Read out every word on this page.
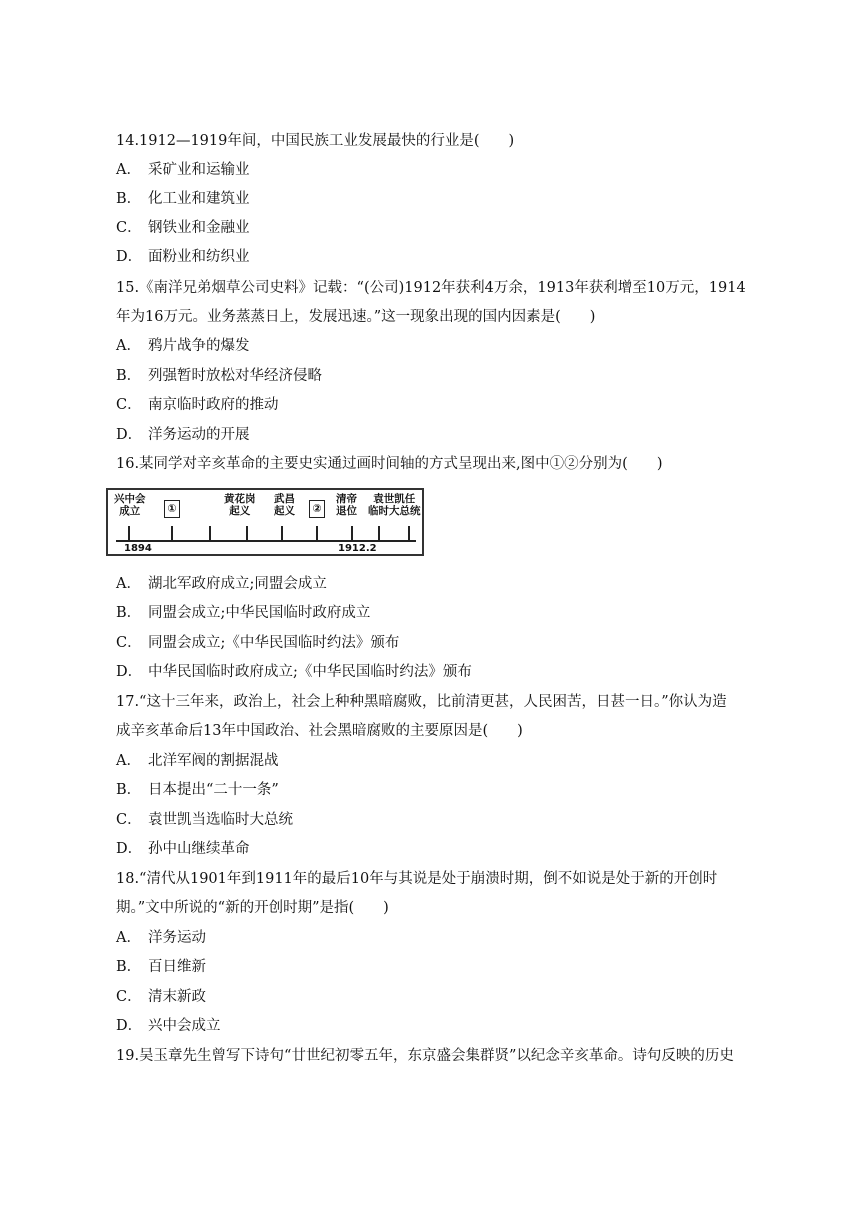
14.1912—1919年间，中国民族工业发展最快的行业是(　　)
A． 采矿业和运输业
B． 化工业和建筑业
C． 钢铁业和金融业
D． 面粉业和纺织业
15.《南洋兄弟烟草公司史料》记载：“(公司)1912年获利4万余，1913年获利增至10万元，1914
年为16万元。业务蒸蒸日上，发展迅速。”这一现象出现的国内因素是(　　)
A． 鸦片战争的爆发
B． 列强暂时放松对华经济侵略
C． 南京临时政府的推动
D． 洋务运动的开展
16.某同学对辛亥革命的主要史实通过画时间轴的方式呈现出来,图中①②分别为(　　)
兴中会
成立	①
黄花岗
起义
武昌
起义	②
清帝
退位
袁世凯任
临时大总统
1894	1912.2
A． 湖北军政府成立;同盟会成立
B． 同盟会成立;中华民国临时政府成立
C． 同盟会成立;《中华民国临时约法》颁布
D． 中华民国临时政府成立;《中华民国临时约法》颁布
17.“这十三年来，政治上，社会上种种黑暗腐败，比前清更甚，人民困苦，日甚一日。”你认为造
成辛亥革命后13年中国政治、社会黑暗腐败的主要原因是(　　)
A． 北洋军阀的割据混战
B． 日本提出“二十一条”
C． 袁世凯当选临时大总统
D． 孙中山继续革命
18.“清代从1901年到1911年的最后10年与其说是处于崩溃时期，倒不如说是处于新的开创时
期。”文中所说的“新的开创时期”是指(　　)
A． 洋务运动
B． 百日维新
C． 清末新政
D． 兴中会成立
19.吴玉章先生曾写下诗句“廿世纪初零五年，东京盛会集群贤”以纪念辛亥革命。诗句反映的历史
